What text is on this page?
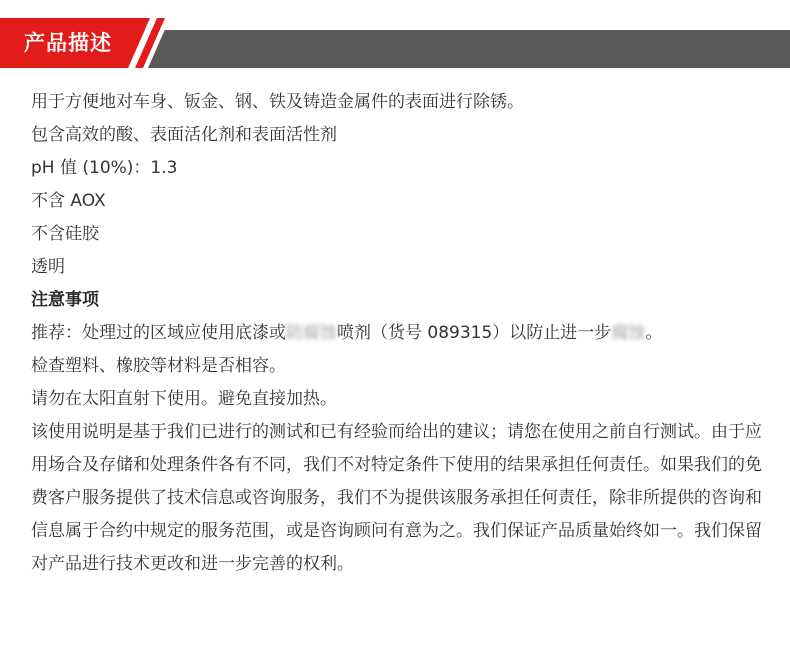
产品描述
用于方便地对车身、钣金、钢、铁及铸造金属件的表面进行除锈。
包含高效的酸、表面活化剂和表面活性剂
pH 值 (10%)：1.3
不含 AOX
不含硅胶
透明
注意事项
推荐：处理过的区域应使用底漆或防腐蚀喷剂（货号 089315）以防止进一步腐蚀。
检查塑料、橡胶等材料是否相容。
请勿在太阳直射下使用。避免直接加热。
该使用说明是基于我们已进行的测试和已有经验而给出的建议；请您在使用之前自行测试。由于应用场合及存储和处理条件各有不同，我们不对特定条件下使用的结果承担任何责任。如果我们的免费客户服务提供了技术信息或咨询服务，我们不为提供该服务承担任何责任，除非所提供的咨询和信息属于合约中规定的服务范围，或是咨询顾问有意为之。我们保证产品质量始终如一。我们保留对产品进行技术更改和进一步完善的权利。
